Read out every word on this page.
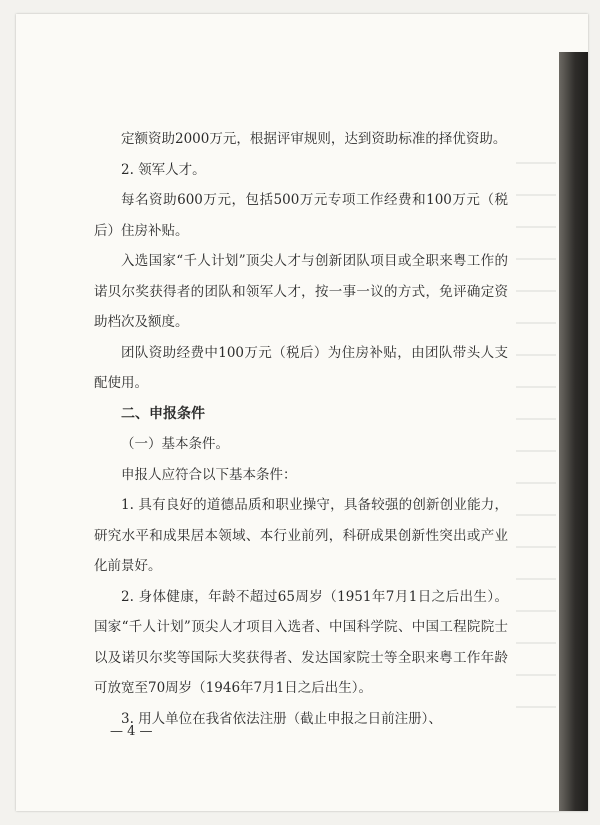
定额资助2000万元，根据评审规则，达到资助标准的择优资助。

2. 领军人才。

每名资助600万元，包括500万元专项工作经费和100万元（税后）住房补贴。

入选国家“千人计划”顶尖人才与创新团队项目或全职来粤工作的诺贝尔奖获得者的团队和领军人才，按一事一议的方式，免评确定资助档次及额度。

团队资助经费中100万元（税后）为住房补贴，由团队带头人支配使用。

二、申报条件

（一）基本条件。

申报人应符合以下基本条件：

1. 具有良好的道德品质和职业操守，具备较强的创新创业能力，研究水平和成果居本领域、本行业前列，科研成果创新性突出或产业化前景好。

2. 身体健康，年龄不超过65周岁（1951年7月1日之后出生）。国家“千人计划”顶尖人才项目入选者、中国科学院、中国工程院院士以及诺贝尔奖等国际大奖获得者、发达国家院士等全职来粤工作年龄可放宽至70周岁（1946年7月1日之后出生）。

3. 用人单位在我省依法注册（截止申报之日前注册）、

— 4 —
